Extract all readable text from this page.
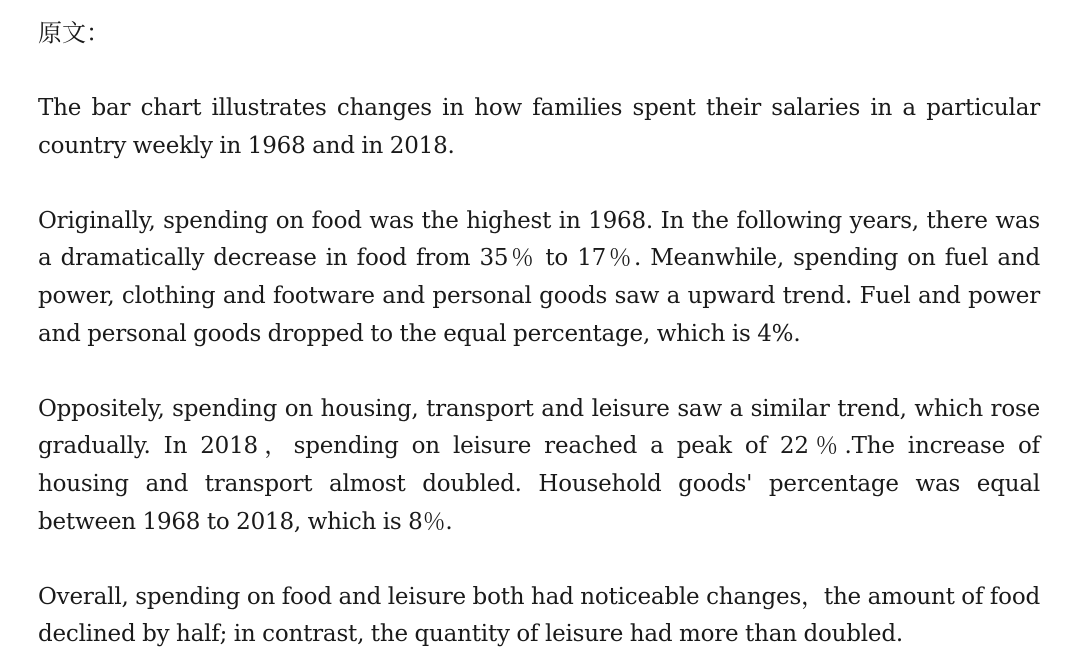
原文：

The bar chart illustrates changes in how families spent their salaries in a particular country weekly in 1968 and in 2018.

Originally, spending on food was the highest in 1968. In the following years, there was a dramatically decrease in food from 35％ to 17％. Meanwhile, spending on fuel and power, clothing and footware and personal goods saw a upward trend. Fuel and power and personal goods dropped to the equal percentage, which is 4%.

Oppositely, spending on housing, transport and leisure saw a similar trend, which rose gradually. In 2018，spending on leisure reached a peak of 22％.The increase of housing and transport almost doubled. Household goods' percentage was equal between 1968 to 2018, which is 8％.

Overall, spending on food and leisure both had noticeable changes，the amount of food declined by half; in contrast, the quantity of leisure had more than doubled.
